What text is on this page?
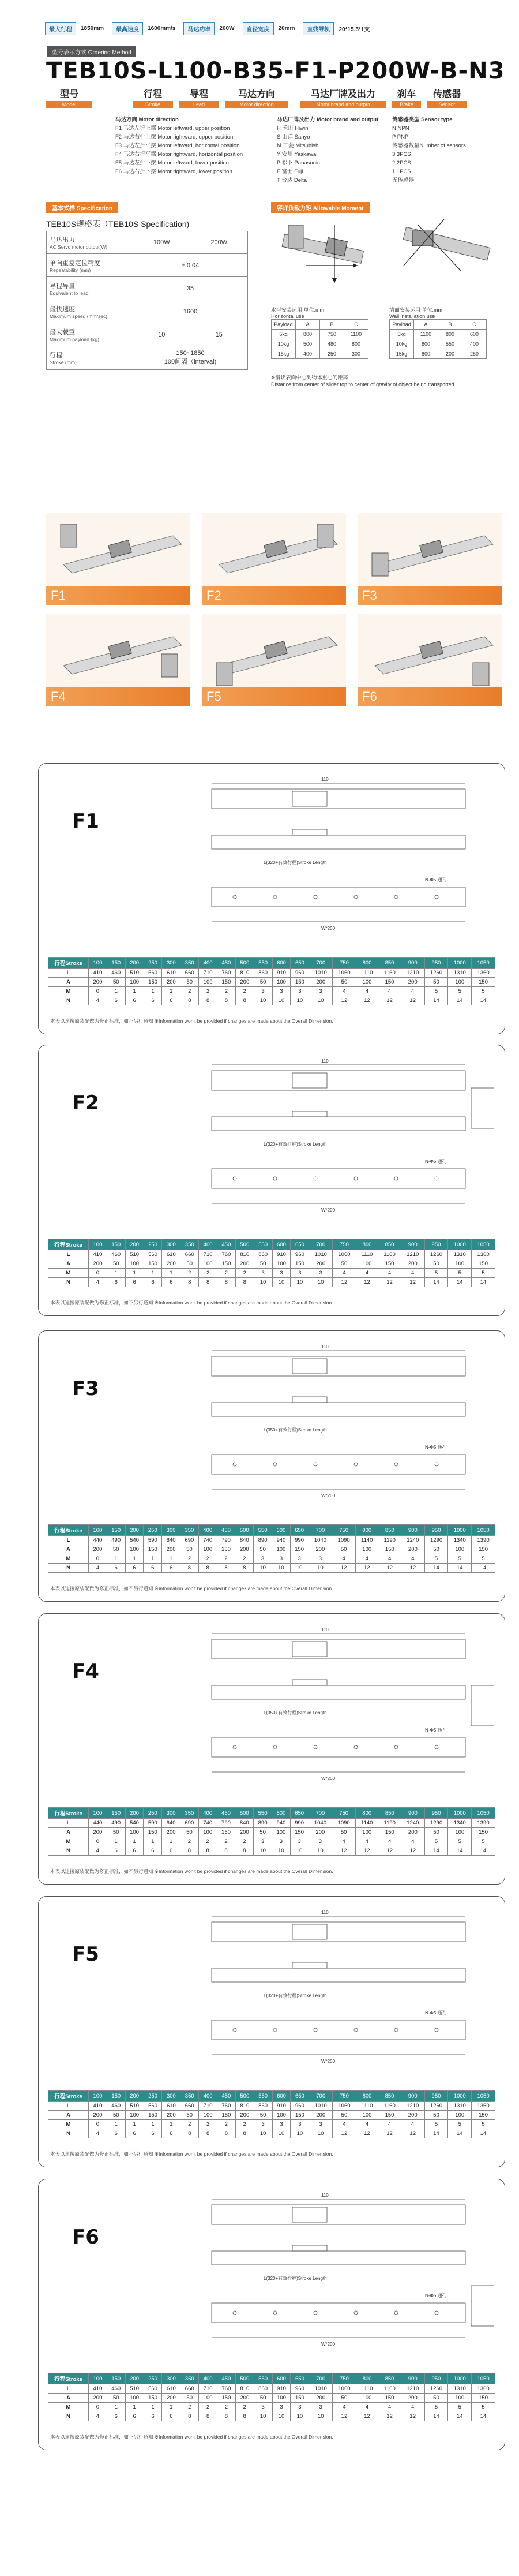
最大行程	1850mm	最高速度	1600mm/s	马达功率	200W	直径宽度	20mm	直线导轨	20*15.5*1支
型号表示方式 Ordering Method
TEB10S-L100-B35-F1-P200W-B-N3
型号
Model
行程
Stroke
导程
Lead
马达方向
Motor direction
马达厂牌及出力
Motor brand and output
刹车
Brake
传感器
Sensor
马达方向 Motor direction
F1 马达左折上摆 Motor leftward, upper position
F2 马达右折上摆 Motor rightward, upper position
F3 马达左折平摆 Motor leftward, horizontal position
F4 马达右折平摆 Motor rightward, horizontal position
F5 马达左折下摆 Motor leftward, lower position
F6 马达右折下摆 Motor rightward, lower position
马达厂牌及出力 Motor brand and output
H 禾川 Hiwin
S 山洋 Sanyo
M 三菱 Mitsubishi
Y 安川 Yaskawa
P 松下 Panasonic
F 富士 Fuji
T 台达 Delta
传感器类型 Sensor type
N NPN
P PNP
传感器数量Number of sensors
3 3PCS
2 2PCS
1 1PCS
无传感器
基本式样 Specification	容许负载力矩 Allowable Moment
TEB10S规格表（TEB10S Specification)
马达出力
AC Servo motor output(W)	100W	200W
单向重复定位精度
Repeatability (mm)	± 0.04	
导程导量
Equivalent to lead	35	
最快速度
Maximum speed (mm/sec)	1600	
最大载重
Maximum payload (kg)	10	15
行程
Stroke (mm)	150~1850
100间隔（interval)	
水平安装运用 单位:mm
Horizontal use
Payload	A	B	C
5kg	800	750	1100
10kg	500	480	800
15kg	400	250	300
墙面安装运用 单位:mm
Wall installation use
Payload	A	B	C
5kg	1100	800	600
10kg	800	550	400
15kg	800	200	250
※滑块表面中心到物体重心的距离
Distance from center of slider top to center of gravity of object being transported
F1	F2	F3
F4	F5	F6
F1
110
L(320+有效行程)Stroke Length
W*200
N-Φ5 通孔
行程Stroke	100	150	200	250	300	350	400	450	500	550	600	650	700	750	800	850	900	950	1000	1050
L	410	460	510	560	610	660	710	760	810	860	910	960	1010	1060	1110	1160	1210	1260	1310	1360
A	200	50	100	150	200	50	100	150	200	50	100	150	200	50	100	150	200	50	100	150
M	0	1	1	1	1	2	2	2	2	3	3	3	3	4	4	4	4	5	5	5
N	4	6	6	6	6	8	8	8	8	10	10	10	10	12	12	12	12	14	14	14
本表以连接原装配做为修正标准，如不另行通知 ※Information won't be provided if changes are made about the Overall Dimension.
F2
110
L(320+有效行程)Stroke Length
W*200
N-Φ5 通孔
行程Stroke	100	150	200	250	300	350	400	450	500	550	600	650	700	750	800	850	900	950	1000	1050
L	410	460	510	560	610	660	710	760	810	860	910	960	1010	1060	1110	1160	1210	1260	1310	1360
A	200	50	100	150	200	50	100	150	200	50	100	150	200	50	100	150	200	50	100	150
M	0	1	1	1	1	2	2	2	2	3	3	3	3	4	4	4	4	5	5	5
N	4	6	6	6	6	8	8	8	8	10	10	10	10	12	12	12	12	14	14	14
本表以连接原装配做为修正标准，如不另行通知 ※Information won't be provided if changes are made about the Overall Dimension.
F3
110
L(350+有效行程)Stroke Length
W*200
N-Φ5 通孔
行程Stroke	100	150	200	250	300	350	400	450	500	550	600	650	700	750	800	850	900	950	1000	1050
L	440	490	540	590	640	690	740	790	840	890	940	990	1040	1090	1140	1190	1240	1290	1340	1390
A	200	50	100	150	200	50	100	150	200	50	100	150	200	50	100	150	200	50	100	150
M	0	1	1	1	1	2	2	2	2	3	3	3	3	4	4	4	4	5	5	5
N	4	6	6	6	6	8	8	8	8	10	10	10	10	12	12	12	12	14	14	14
本表以连接原装配做为修正标准，如不另行通知 ※Information won't be provided if changes are made about the Overall Dimension.
F4
110
L(350+有效行程)Stroke Length
W*200
N-Φ5 通孔
行程Stroke	100	150	200	250	300	350	400	450	500	550	600	650	700	750	800	850	900	950	1000	1050
L	440	490	540	590	640	690	740	790	840	890	940	990	1040	1090	1140	1190	1240	1290	1340	1390
A	200	50	100	150	200	50	100	150	200	50	100	150	200	50	100	150	200	50	100	150
M	0	1	1	1	1	2	2	2	2	3	3	3	3	4	4	4	4	5	5	5
N	4	6	6	6	6	8	8	8	8	10	10	10	10	12	12	12	12	14	14	14
本表以连接原装配做为修正标准，如不另行通知 ※Information won't be provided if changes are made about the Overall Dimension.
F5
110
L(320+有效行程)Stroke Length
W*200
N-Φ5 通孔
行程Stroke	100	150	200	250	300	350	400	450	500	550	600	650	700	750	800	850	900	950	1000	1050
L	410	460	510	560	610	660	710	760	810	860	910	960	1010	1060	1110	1160	1210	1260	1310	1360
A	200	50	100	150	200	50	100	150	200	50	100	150	200	50	100	150	200	50	100	150
M	0	1	1	1	1	2	2	2	2	3	3	3	3	4	4	4	4	5	5	5
N	4	6	6	6	6	8	8	8	8	10	10	10	10	12	12	12	12	14	14	14
本表以连接原装配做为修正标准，如不另行通知 ※Information won't be provided if changes are made about the Overall Dimension.
F6
110
L(320+有效行程)Stroke Length
W*200
N-Φ5 通孔
行程Stroke	100	150	200	250	300	350	400	450	500	550	600	650	700	750	800	850	900	950	1000	1050
L	410	460	510	560	610	660	710	760	810	860	910	960	1010	1060	1110	1160	1210	1260	1310	1360
A	200	50	100	150	200	50	100	150	200	50	100	150	200	50	100	150	200	50	100	150
M	0	1	1	1	1	2	2	2	2	3	3	3	3	4	4	4	4	5	5	5
N	4	6	6	6	6	8	8	8	8	10	10	10	10	12	12	12	12	14	14	14
本表以连接原装配做为修正标准，如不另行通知 ※Information won't be provided if changes are made about the Overall Dimension.
